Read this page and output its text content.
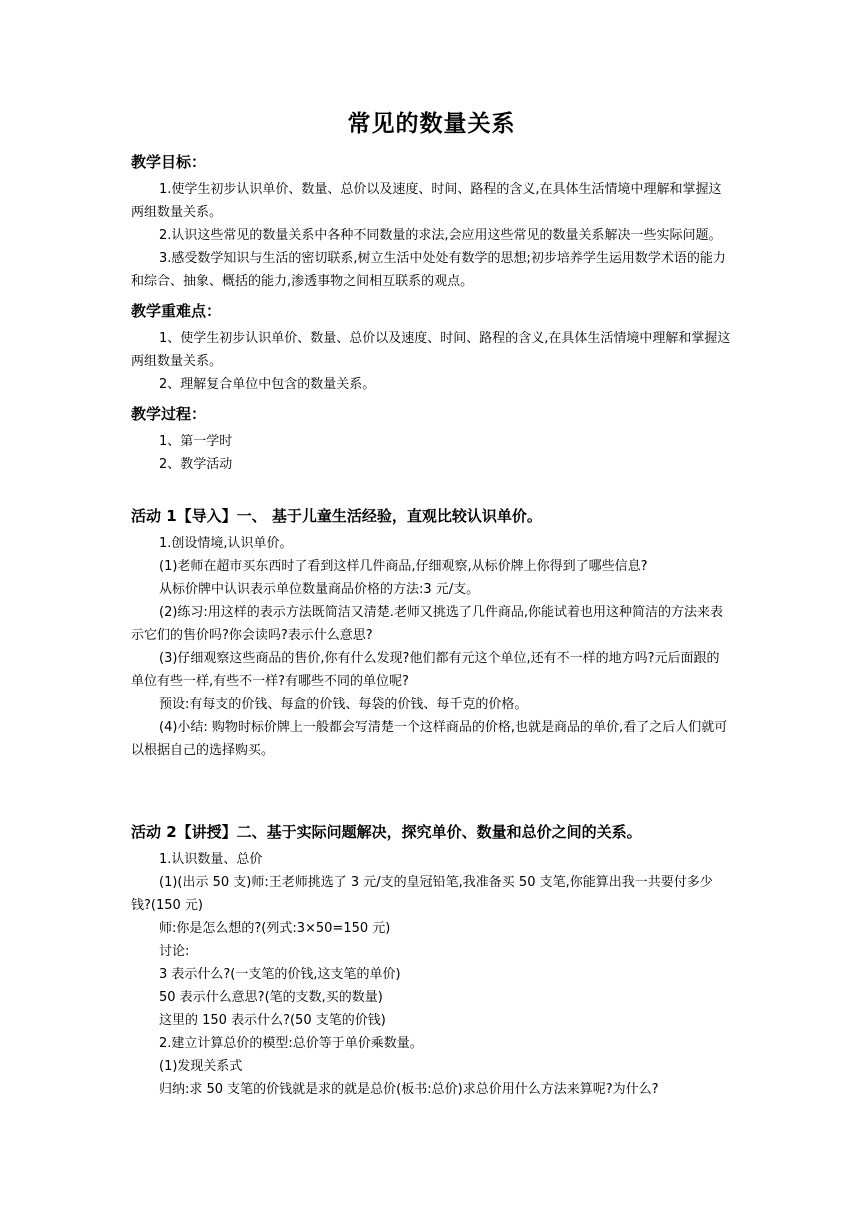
常见的数量关系
教学目标：

1.使学生初步认识单价、数量、总价以及速度、时间、路程的含义,在具体生活情境中理解和掌握这两组数量关系。

2.认识这些常见的数量关系中各种不同数量的求法,会应用这些常见的数量关系解决一些实际问题。

3.感受数学知识与生活的密切联系,树立生活中处处有数学的思想;初步培养学生运用数学术语的能力和综合、抽象、概括的能力,渗透事物之间相互联系的观点。

教学重难点：

1、使学生初步认识单价、数量、总价以及速度、时间、路程的含义,在具体生活情境中理解和掌握这两组数量关系。

2、理解复合单位中包含的数量关系。

教学过程：

1、第一学时

2、教学活动

活动 1【导入】一、 基于儿童生活经验，直观比较认识单价。

1.创设情境,认识单价。

(1)老师在超市买东西时了看到这样几件商品,仔细观察,从标价牌上你得到了哪些信息?

从标价牌中认识表示单位数量商品价格的方法:3 元/支。

(2)练习:用这样的表示方法既简洁又清楚.老师又挑选了几件商品,你能试着也用这种简洁的方法来表示它们的售价吗?你会读吗?表示什么意思?

(3)仔细观察这些商品的售价,你有什么发现?他们都有元这个单位,还有不一样的地方吗?元后面跟的单位有些一样,有些不一样?有哪些不同的单位呢?

预设:有每支的价钱、每盒的价钱、每袋的价钱、每千克的价格。

(4)小结: 购物时标价牌上一般都会写清楚一个这样商品的价格,也就是商品的单价,看了之后人们就可以根据自己的选择购买。

活动 2【讲授】二、基于实际问题解决，探究单价、数量和总价之间的关系。

1.认识数量、总价

(1)(出示 50 支)师:王老师挑选了 3 元/支的皇冠铅笔,我准备买 50 支笔,你能算出我一共要付多少钱?(150 元)

师:你是怎么想的?(列式:3×50=150 元)

讨论:

3 表示什么?(一支笔的价钱,这支笔的单价)

50 表示什么意思?(笔的支数,买的数量)

这里的 150 表示什么?(50 支笔的价钱)

2.建立计算总价的模型:总价等于单价乘数量。

(1)发现关系式

归纳:求 50 支笔的价钱就是求的就是总价(板书:总价)求总价用什么方法来算呢?为什么?
